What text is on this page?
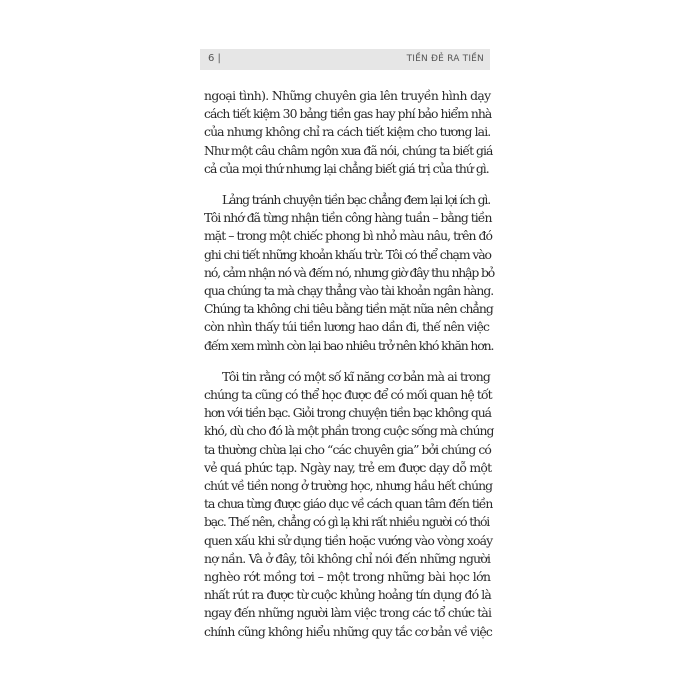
6 |	TIỀN ĐẺ RA TIỀN
ngoại tình). Những chuyên gia lên truyền hình dạy
cách tiết kiệm 30 bảng tiền gas hay phí bảo hiểm nhà
của nhưng không chỉ ra cách tiết kiệm cho tương lai.
Như một câu châm ngôn xưa đã nói, chúng ta biết giá
cả của mọi thứ nhưng lại chẳng biết giá trị của thứ gì.
Lảng tránh chuyện tiền bạc chẳng đem lại lợi ích gì.
Tôi nhớ đã từng nhận tiền công hàng tuần – bằng tiền
mặt – trong một chiếc phong bì nhỏ màu nâu, trên đó
ghi chi tiết những khoản khấu trừ. Tôi có thể chạm vào
nó, cảm nhận nó và đếm nó, nhưng giờ đây thu nhập bỏ
qua chúng ta mà chạy thẳng vào tài khoản ngân hàng.
Chúng ta không chi tiêu bằng tiền mặt nữa nên chẳng
còn nhìn thấy túi tiền lương hao dần đi, thế nên việc
đếm xem mình còn lại bao nhiêu trở nên khó khăn hơn.
Tôi tin rằng có một số kĩ năng cơ bản mà ai trong
chúng ta cũng có thể học được để có mối quan hệ tốt
hơn với tiền bạc. Giỏi trong chuyện tiền bạc không quá
khó, dù cho đó là một phần trong cuộc sống mà chúng
ta thường chừa lại cho “các chuyên gia” bởi chúng có
vẻ quá phức tạp. Ngày nay, trẻ em được dạy dỗ một
chút về tiền nong ở trường học, nhưng hầu hết chúng
ta chưa từng được giáo dục về cách quan tâm đến tiền
bạc. Thế nên, chẳng có gì lạ khi rất nhiều người có thói
quen xấu khi sử dụng tiền hoặc vướng vào vòng xoáy
nợ nần. Và ở đây, tôi không chỉ nói đến những người
nghèo rớt mồng tơi – một trong những bài học lớn
nhất rút ra được từ cuộc khủng hoảng tín dụng đó là
ngay đến những người làm việc trong các tổ chức tài
chính cũng không hiểu những quy tắc cơ bản về việc
